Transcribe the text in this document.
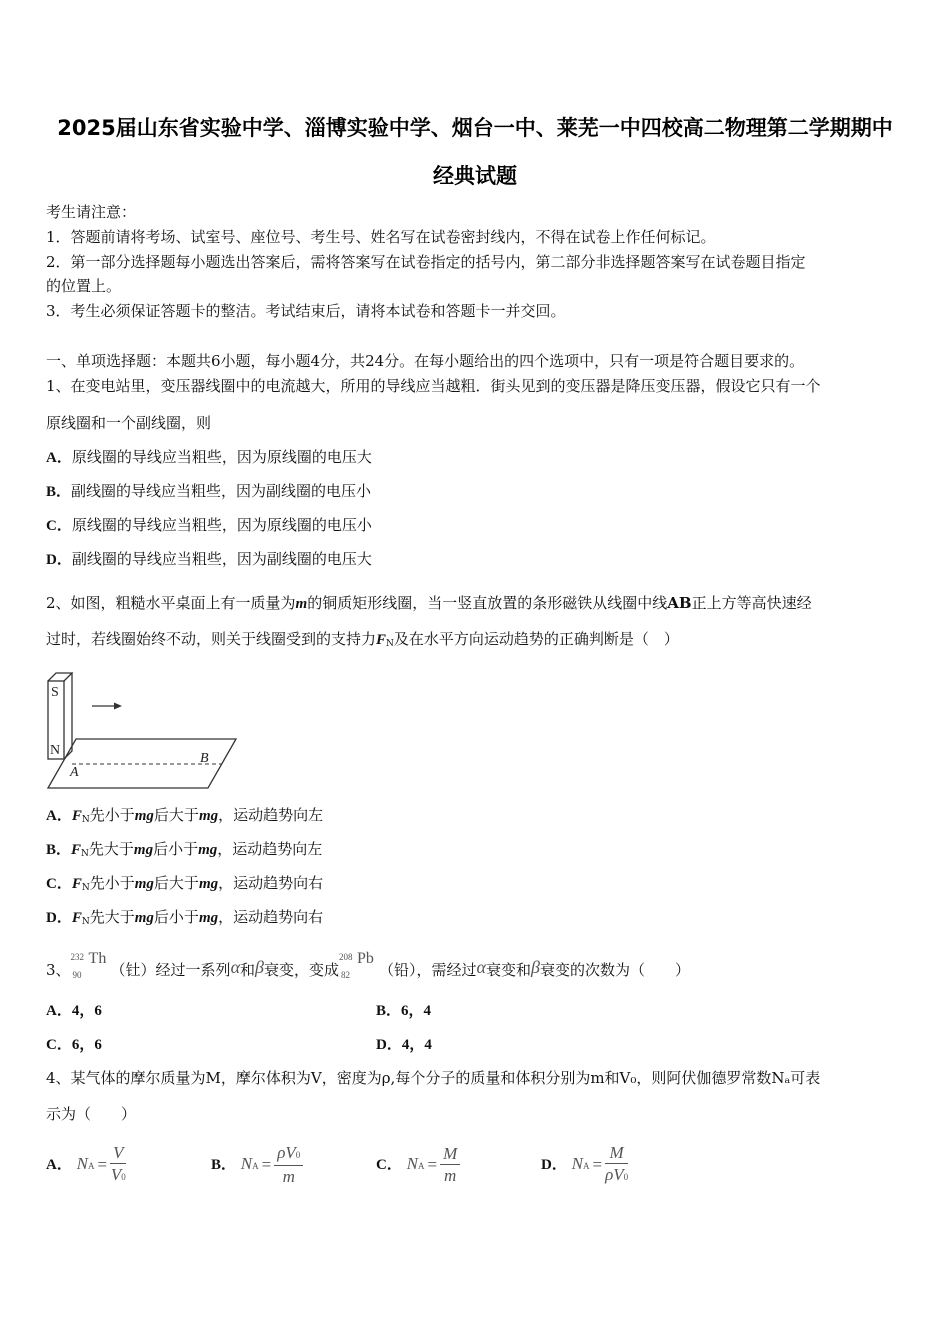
2025届山东省实验中学、淄博实验中学、烟台一中、莱芜一中四校高二物理第二学期期中
经典试题
考生请注意：
1．答题前请将考场、试室号、座位号、考生号、姓名写在试卷密封线内，不得在试卷上作任何标记。
2．第一部分选择题每小题选出答案后，需将答案写在试卷指定的括号内，第二部分非选择题答案写在试卷题目指定
的位置上。
3．考生必须保证答题卡的整洁。考试结束后，请将本试卷和答题卡一并交回。
一、单项选择题：本题共6小题，每小题4分，共24分。在每小题给出的四个选项中，只有一项是符合题目要求的。
1、在变电站里，变压器线圈中的电流越大，所用的导线应当越粗．街头见到的变压器是降压变压器，假设它只有一个
原线圈和一个副线圈，则
A．原线圈的导线应当粗些，因为原线圈的电压大
B．副线圈的导线应当粗些，因为副线圈的电压小
C．原线圈的导线应当粗些，因为原线圈的电压小
D．副线圈的导线应当粗些，因为副线圈的电压大
2、如图，粗糙水平桌面上有一质量为m的铜质矩形线圈，当一竖直放置的条形磁铁从线圈中线AB正上方等高快速经
过时，若线圈始终不动，则关于线圈受到的支持力$F_N$及在水平方向运动趋势的正确判断是（　）
S
N
A
B
A．$F_N$先小于mg后大于mg，运动趋势向左
B．$F_N$先大于mg后小于mg，运动趋势向左
C．$F_N$先小于mg后大于mg，运动趋势向右
D．$F_N$先大于mg后小于mg，运动趋势向右
3、
232
90
Th
（钍）经过一系列α和β衰变，变成
208
82
Pb
（铅），需经过α衰变和β衰变的次数为（　　）
A．4，6	B．6，4
C．6，6	D．4，4
4、某气体的摩尔质量为M，摩尔体积为V，密度为ρ,每个分子的质量和体积分别为m和V₀，则阿伏伽德罗常数Nₐ可表
示为（　　）
A． NA = $\frac{V}{V0}$	B． NA = $\frac{\rho V0}{m}$	C． NA = $\frac{M}{m}$	D． NA = $\frac{M}{\rho V0}$
